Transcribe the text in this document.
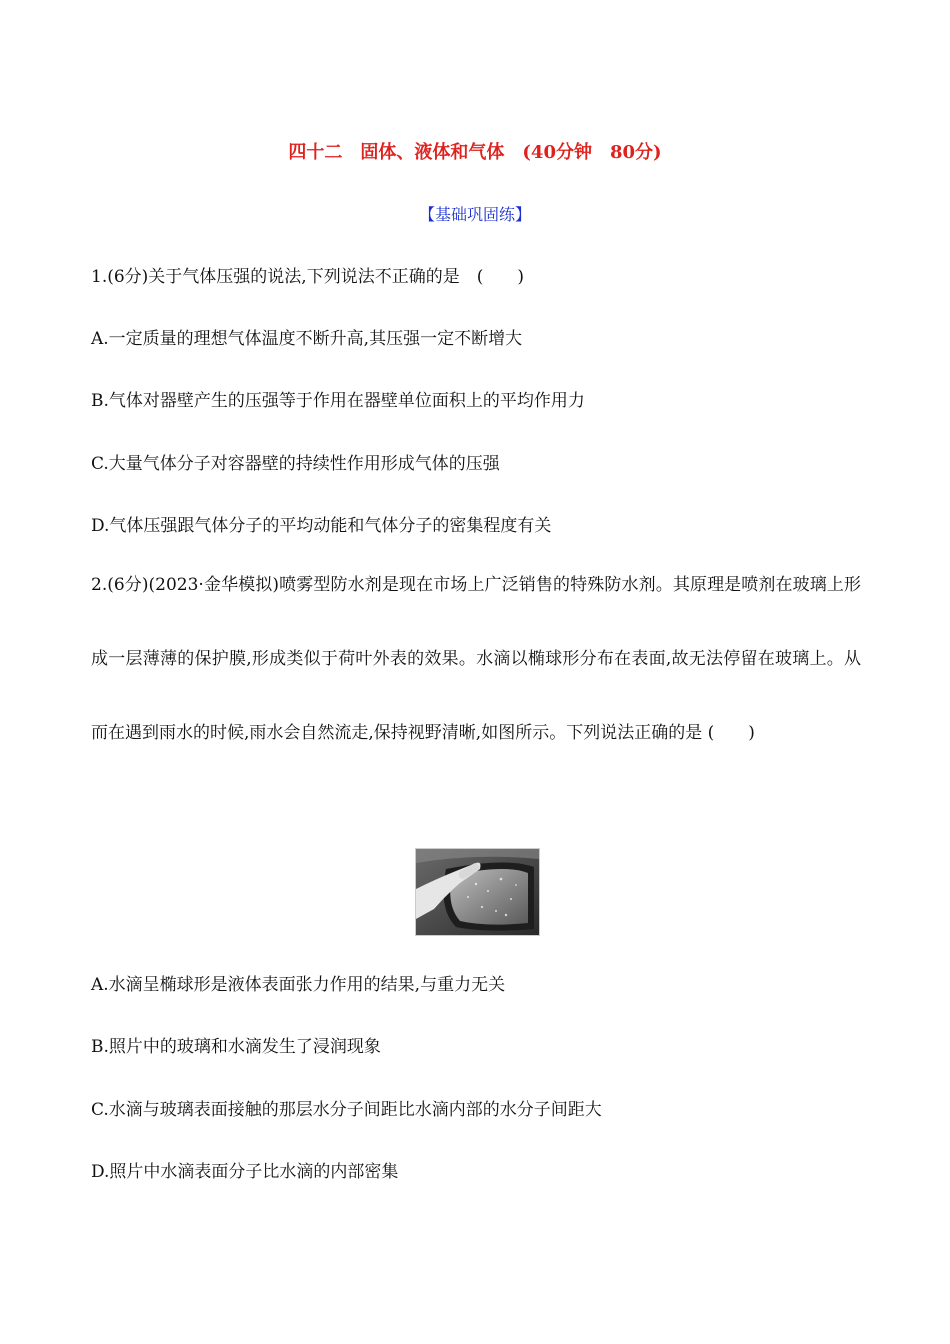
四十二　固体、液体和气体　(40分钟　80分)
【基础巩固练】
1.(6分)关于气体压强的说法,下列说法不正确的是　(　　)
A.一定质量的理想气体温度不断升高,其压强一定不断增大
B.气体对器壁产生的压强等于作用在器壁单位面积上的平均作用力
C.大量气体分子对容器壁的持续性作用形成气体的压强
D.气体压强跟气体分子的平均动能和气体分子的密集程度有关
2.(6分)(2023·金华模拟)喷雾型防水剂是现在市场上广泛销售的特殊防水剂。其原理是喷剂在玻璃上形成一层薄薄的保护膜,形成类似于荷叶外表的效果。水滴以椭球形分布在表面,故无法停留在玻璃上。从而在遇到雨水的时候,雨水会自然流走,保持视野清晰,如图所示。下列说法正确的是 (　　)
A.水滴呈椭球形是液体表面张力作用的结果,与重力无关
B.照片中的玻璃和水滴发生了浸润现象
C.水滴与玻璃表面接触的那层水分子间距比水滴内部的水分子间距大
D.照片中水滴表面分子比水滴的内部密集
